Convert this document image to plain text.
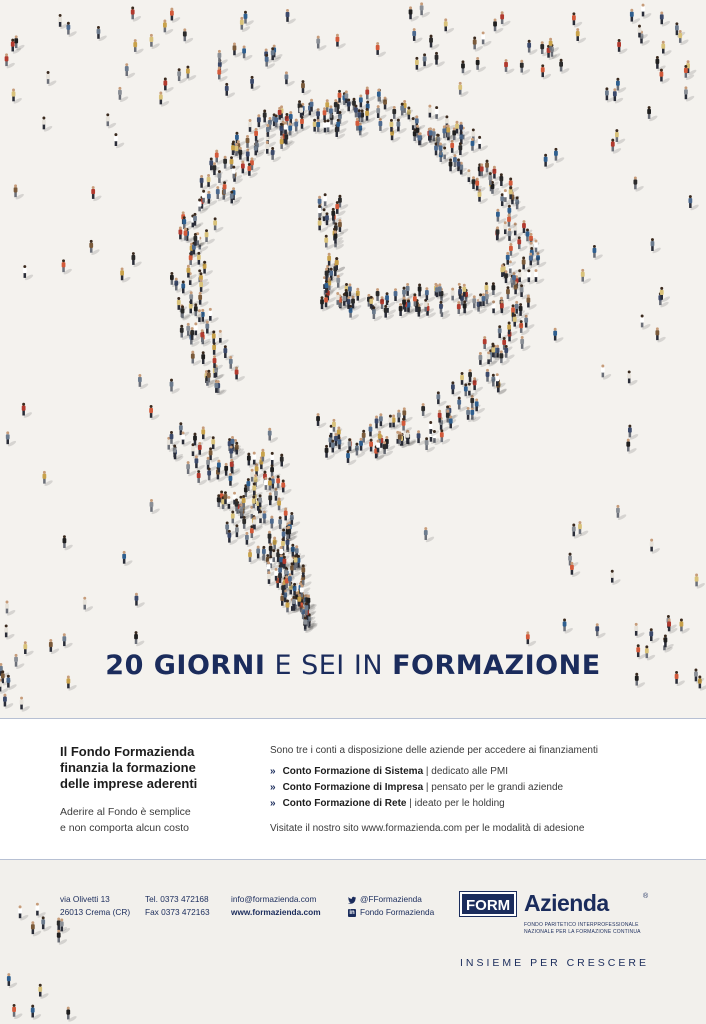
20 GIORNI E SEI IN FORMAZIONE
Il Fondo Formazienda
finanzia la formazione
delle imprese aderenti

Aderire al Fondo è semplice
e non comporta alcun costo

Sono tre i conti a disposizione delle aziende per accedere ai finanziamenti
» Conto Formazione di Sistema | dedicato alle PMI
» Conto Formazione di Impresa | pensato per le grandi aziende
» Conto Formazione di Rete | ideato per le holding
Visitate il nostro sito www.formazienda.com per le modalità di adesione
via Olivetti 13
26013 Crema (CR)
Tel. 0373 472168
Fax 0373 472163
info@formazienda.com
www.formazienda.com
@FFormazienda
in Fondo Formazienda	FORM Azienda	®
FONDO PARITETICO INTERPROFESSIONALE
NAZIONALE PER LA FORMAZIONE CONTINUA
INSIEME PER CRESCERE
